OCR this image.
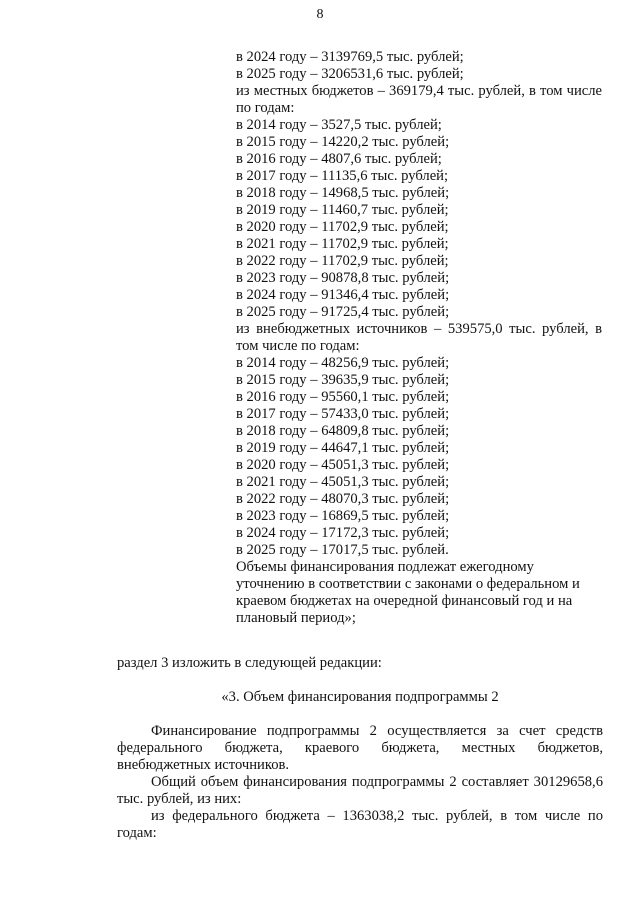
8
в 2024 году – 3139769,5 тыс. рублей;
в 2025 году – 3206531,6 тыс. рублей;
из местных бюджетов – 369179,4 тыс. рублей, в том числе по годам:
в 2014 году – 3527,5 тыс. рублей;
в 2015 году – 14220,2 тыс. рублей;
в 2016 году – 4807,6 тыс. рублей;
в 2017 году – 11135,6 тыс. рублей;
в 2018 году – 14968,5 тыс. рублей;
в 2019 году – 11460,7 тыс. рублей;
в 2020 году – 11702,9 тыс. рублей;
в 2021 году – 11702,9 тыс. рублей;
в 2022 году – 11702,9 тыс. рублей;
в 2023 году – 90878,8 тыс. рублей;
в 2024 году – 91346,4 тыс. рублей;
в 2025 году – 91725,4 тыс. рублей;
из внебюджетных источников – 539575,0 тыс. рублей, в том числе по годам:
в 2014 году – 48256,9 тыс. рублей;
в 2015 году – 39635,9 тыс. рублей;
в 2016 году – 95560,1 тыс. рублей;
в 2017 году – 57433,0 тыс. рублей;
в 2018 году – 64809,8 тыс. рублей;
в 2019 году – 44647,1 тыс. рублей;
в 2020 году – 45051,3 тыс. рублей;
в 2021 году – 45051,3 тыс. рублей;
в 2022 году – 48070,3 тыс. рублей;
в 2023 году – 16869,5 тыс. рублей;
в 2024 году – 17172,3 тыс. рублей;
в 2025 году – 17017,5 тыс. рублей.
Объемы финансирования подлежат ежегодному уточнению в соответствии с законами о федеральном и краевом бюджетах на очередной финансовый год и на плановый период»;
раздел 3 изложить в следующей редакции:
«3. Объем финансирования подпрограммы 2
Финансирование подпрограммы 2 осуществляется за счет средств федерального бюджета, краевого бюджета, местных бюджетов, внебюджетных источников.
Общий объем финансирования подпрограммы 2 составляет 30129658,6 тыс. рублей, из них:
из федерального бюджета – 1363038,2 тыс. рублей, в том числе по годам:
